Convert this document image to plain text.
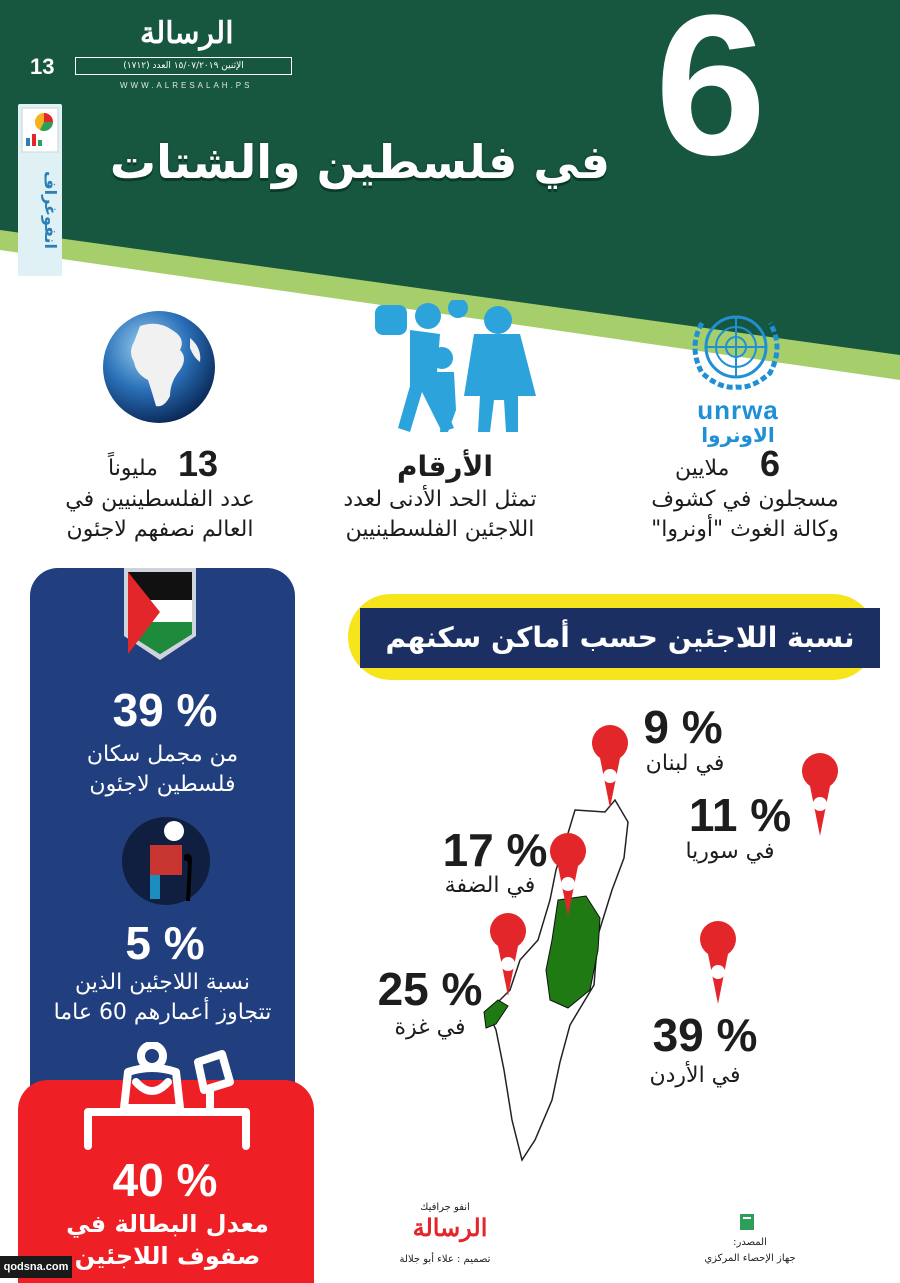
الرسالة
الإثنين ١٥/٠٧/٢٠١٩ العدد (١٧١٢)
13
WWW.ALRESALAH.PS 6
في فلسطين والشتات
ملايين لاجئ
انفوغراف
unrwa
الاونروا
6
ملايين
مسجلون في كشوف
وكالة الغوث "أونروا"
الأرقام
تمثل الحد الأدنى لعدد
اللاجئين الفلسطينيين
13
مليوناً
عدد الفلسطينيين في
العالم نصفهم لاجئون
39 %
من مجمل سكان
فلسطين لاجئون
5 %
نسبة اللاجئين الذين
تتجاوز أعمارهم 60 عاما
40 %
معدل البطالة في
صفوف اللاجئين
qodsna.com
نسبة اللاجئين حسب أماكن سكنهم
9 %
في لبنان
11 %
في سوريا
17 %
في الضفة
25 %
في غزة	39 %
في الأردن
انفو جرافيك
الرسالة
تصميم : علاء أبو جلالة
المصدر:
جهاز الإحصاء المركزي
